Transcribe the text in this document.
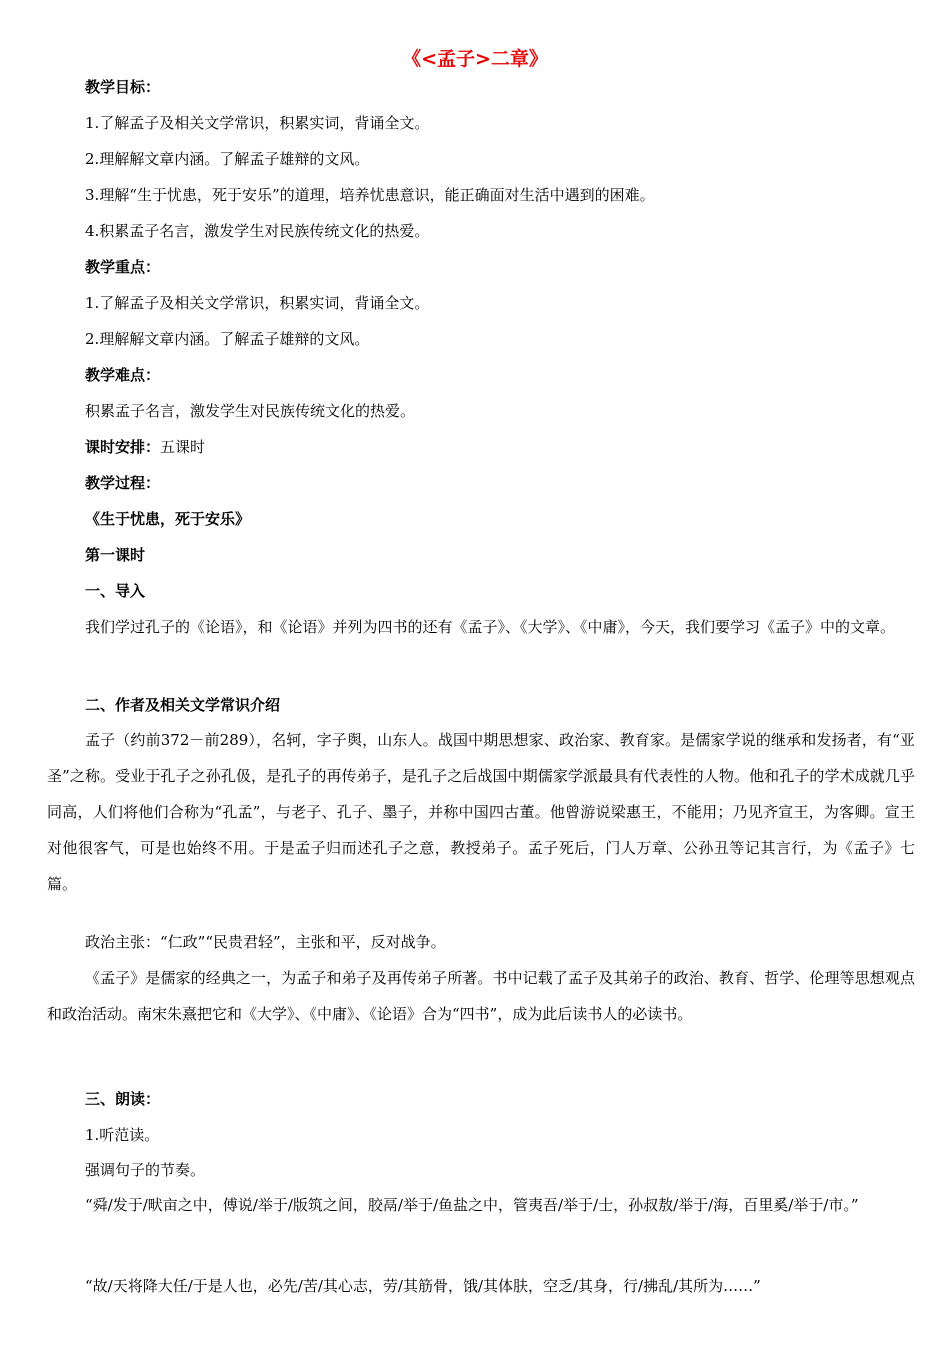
《<孟子>二章》
教学目标：
1.了解孟子及相关文学常识，积累实词，背诵全文。
2.理解解文章内涵。了解孟子雄辩的文风。
3.理解“生于忧患，死于安乐”的道理，培养忧患意识，能正确面对生活中遇到的困难。
4.积累孟子名言，激发学生对民族传统文化的热爱。
教学重点：
1.了解孟子及相关文学常识，积累实词，背诵全文。
2.理解解文章内涵。了解孟子雄辩的文风。
教学难点：
积累孟子名言，激发学生对民族传统文化的热爱。
课时安排：五课时
教学过程：
《生于忧患，死于安乐》
第一课时
一、导入
我们学过孔子的《论语》，和《论语》并列为四书的还有《孟子》、《大学》、《中庸》，今天，我们要学习《孟子》中的文章。
二、作者及相关文学常识介绍
孟子（约前372－前289），名轲，字子舆，山东人。战国中期思想家、政治家、教育家。是儒家学说的继承和发扬者，有“亚圣”之称。受业于孔子之孙孔伋，是孔子的再传弟子，是孔子之后战国中期儒家学派最具有代表性的人物。他和孔子的学术成就几乎同高，人们将他们合称为“孔孟”，与老子、孔子、墨子，并称中国四古董。他曾游说梁惠王，不能用；乃见齐宣王，为客卿。宣王对他很客气，可是也始终不用。于是孟子归而述孔子之意，教授弟子。孟子死后，门人万章、公孙丑等记其言行，为《孟子》七篇。
政治主张：“仁政”“民贵君轻”，主张和平，反对战争。
《孟子》是儒家的经典之一，为孟子和弟子及再传弟子所著。书中记载了孟子及其弟子的政治、教育、哲学、伦理等思想观点和政治活动。南宋朱熹把它和《大学》、《中庸》、《论语》合为“四书”，成为此后读书人的必读书。
三、朗读：
1.听范读。
强调句子的节奏。
“舜/发于/畎亩之中，傅说/举于/版筑之间，胶鬲/举于/鱼盐之中，管夷吾/举于/士，孙叔敖/举于/海，百里奚/举于/市。”
“故/天将降大任/于是人也，必先/苦/其心志，劳/其筋骨，饿/其体肤，空乏/其身，行/拂乱/其所为……”
